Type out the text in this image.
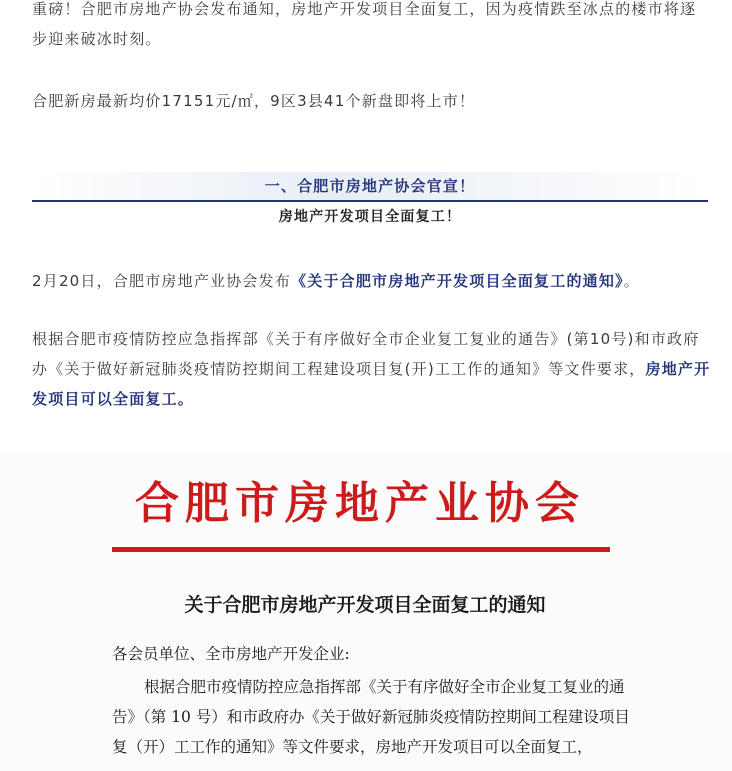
重磅！合肥市房地产协会发布通知，房地产开发项目全面复工，因为疫情跌至冰点的楼市将逐步迎来破冰时刻。
合肥新房最新均价17151元/㎡，9区3县41个新盘即将上市！
一、合肥市房地产协会官宣！
房地产开发项目全面复工！
2月20日，合肥市房地产业协会发布《关于合肥市房地产开发项目全面复工的通知》。
根据合肥市疫情防控应急指挥部《关于有序做好全市企业复工复业的通告》(第10号)和市政府办《关于做好新冠肺炎疫情防控期间工程建设项目复(开)工工作的通知》等文件要求，房地产开发项目可以全面复工。
合肥市房地产业协会
关于合肥市房地产开发项目全面复工的通知
各会员单位、全市房地产开发企业:
根据合肥市疫情防控应急指挥部《关于有序做好全市企业复工复业的通告》（第 10 号）和市政府办《关于做好新冠肺炎疫情防控期间工程建设项目复（开）工工作的通知》等文件要求，房地产开发项目可以全面复工，
